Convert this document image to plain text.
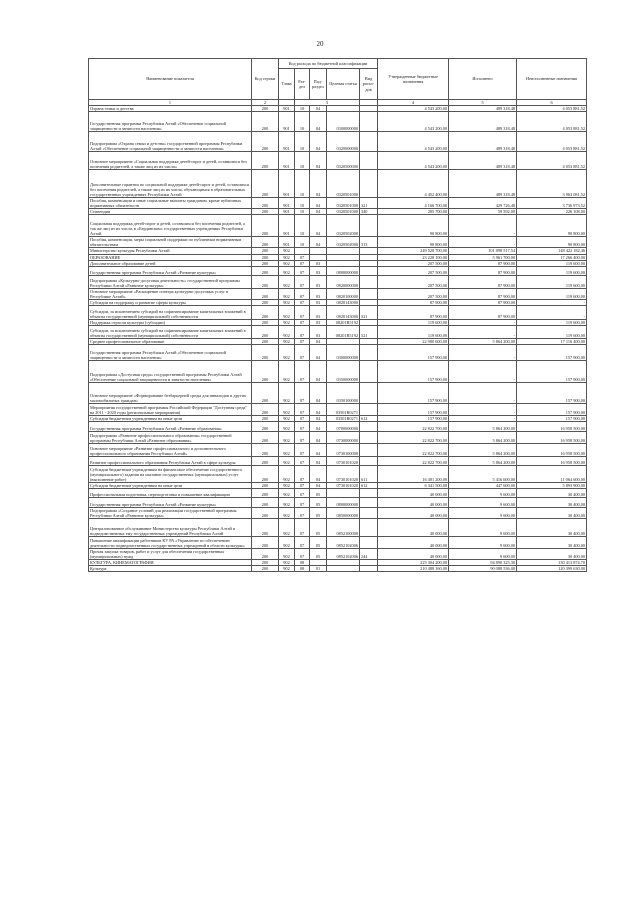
20
Наименование показателя	Код строки	Код расхода по бюджетной классификации					Утвержденные бюджетные назначения	Исполнено	Неисполненные назначения
		Глава	Раз- дел	Под- раздел	Целевая статья	Вид расхо- дов			
1	2		3				4	5	6
Охрана семьи и детства	200	901	10	04			4 543 200,00	489 318,48	4 053 881,52
Государственная программа Республики Алтай «Обеспечение социальной защищенности и занятости населения»	200	901	10	04	0300000000		4 543 200,00	489 318,48	4 053 881,52
Подпрограмма «Охрана семьи и детства» государственной программы Республики Алтай «Обеспечение социальной защищенности и занятости населения»	200	901	10	04	0320000000		4 543 200,00	489 318,48	4 053 881,52
Основное мероприятие «Социальная поддержка детей-сирот и детей, оставшихся без попечения родителей, а также лиц из их числа»	200	901	10	04	0320500000		4 543 200,00	489 318,48	4 053 881,52
Дополнительные гарантии по социальной поддержке детей-сирот и детей, оставшихся без попечения родителей, а также лиц из их числа, обучающимся в образовательных государственных учреждениях Республики Алтай	200	901	10	04	0320501000		4 452 400,00	489 318,48	3 963 081,52
Пособия, компенсации и иные социальные выплаты гражданам, кроме публичных нормативных обязательств	200	901	10	04	0320501000	321	4 166 700,00	429 726,48	3 736 973,52
Стипендии	200	901	10	04	0320501000	340	285 700,00	59 592,00	226 108,00
Социальная поддержка детей-сирот и детей, оставшихся без попечения родителей, а так же лиц из их числа, в «Бердянском» государственных учреждениях Республики Алтай	200	901	10	04	0320502000		90 800,00	-	90 800,00
Пособия, компенсации, меры социальной поддержки по публичным нормативным обязательствам	200	901	10	04	0320502000	313	90 800,00	-	90 800,00
Министерство культуры Республики Алтай	200	902					249 520 700,00	101 098 517,54	148 422 182,46
ОБРАЗОВАНИЕ	200	902	07				23 228 100,00	5 961 700,00	17 266 400,00
Дополнительное образование детей	200	902	07	03			207 500,00	87 900,00	119 600,00
Государственная программа Республики Алтай «Развитие культуры»	200	902	07	03	0800000000		207 500,00	87 900,00	119 600,00
Подпрограмма «Культурно-досуговая деятельность» государственной программы Республики Алтай «Развитие культуры»	200	902	07	03	0820000000		207 500,00	87 900,00	119 600,00
Основное мероприятие «Расширение спектра культурно-досуговых услуг в Республике Алтай»	200	902	07	03	0820100000		207 500,00	87 900,00	119 600,00
Субсидии на поддержку и развитие сферы культуры	200	902	07	03	0820143000		87 900,00	87 900,00	-
Субсидии, за исключением субсидий на софинансирование капитальных вложений в объекты государственной (муниципальной) собственности	200	902	07	03	0820143000	521	87 900,00	87 900,00	-
Поддержка отрасли культуры (субсидии)	200	902	07	03	08201R5192		119 600,00	-	119 600,00
Субсидии, за исключением субсидий на софинансирование капитальных вложений в объекты государственной (муниципальной) собственности	200	902	07	03	08201R5192	521	119 600,00	-	119 600,00
Среднее профессиональное образование	200	902	07	04			22 980 600,00	5 864 200,00	17 116 400,00
Государственная программа Республики Алтай «Обеспечение социальной защищенности и занятости населения»	200	902	07	04	0300000000		157 900,00	-	157 900,00
Подпрограмма «Доступная среда» государственной программы Республики Алтай «Обеспечение социальной защищенности и занятости населения»	200	902	07	04	0350000000		157 900,00	-	157 900,00
Основное мероприятие «Формирование безбарьерной среды для инвалидов и других маломобильных граждан»	200	902	07	04	0350100000		157 900,00	-	157 900,00
Мероприятия государственной программы Российской Федерации "Доступная среда" на 2011 - 2020 годы (региональные мероприятия)	200	902	07	04	03501R0271		157 900,00	-	157 900,00
Субсидии бюджетным учреждениям на иные цели	200	902	07	04	03501R0271	612	157 900,00	-	157 900,00
Государственная программа Республики Алтай «Развитие образования»	200	902	07	04	0700000000		22 822 700,00	5 864 200,00	16 958 500,00
Подпрограмма «Развитие профессионального образования» государственной программы Республики Алтай «Развитие образования»	200	902	07	04	0730000000		22 822 700,00	5 864 200,00	16 958 500,00
Основное мероприятие «Развитие профессионального и дополнительного профессионального образования Республики Алтай»	200	902	07	04	0730100000		22 822 700,00	5 864 200,00	16 958 500,00
Развитие профессионального образования Республики Алтай в сфере культуры	200	902	07	04	0730101020		22 822 700,00	5 864 200,00	16 958 500,00
Субсидии бюджетным учреждениям на финансовое обеспечение государственного (муниципального) задания на оказание государственных (муниципальных) услуг (выполнение работ)	200	902	07	04	0730101020	611	16 481 200,00	5 416 600,00	11 064 600,00
Субсидии бюджетным учреждениям на иные цели	200	902	07	04	0730101020	612	6 341 500,00	447 600,00	5 893 900,00
Профессиональная подготовка, переподготовка и повышение квалификации	200	902	07	05			40 000,00	9 600,00	30 400,00
Государственная программа Республики Алтай «Развитие культуры»	200	902	07	05	0800000000		40 000,00	9 600,00	30 400,00
Подпрограмма «Создание условий для реализации государственной программы Республики Алтай «Развитие культуры»	200	902	07	05	0850000000		40 000,00	9 600,00	30 400,00
Централизованное обслуживание Министерства культуры Республики Алтай и подведомственных ему государственных учреждений Республики Алтай	200	902	07	05	0852100000		40 000,00	9 600,00	30 400,00
Повышение квалификации работников КУ РА «Управление по обеспечению деятельности подведомственных государственных учреждений в области культуры»	200	902	07	05	0852102006		40 000,00	9 600,00	30 400,00
Прочая закупка товаров, работ и услуг для обеспечения государственных (муниципальных) нужд	200	902	07	05	0852102006	244	40 000,00	9 600,00	30 400,00
КУЛЬТУРА, КИНЕМАТОГРАФИЯ	200	902	08				225 304 200,00	94 890 325,30	130 413 874,70
Культура	200	902	08	01			210 488 160,00	90 088 536,00	120 399 630,00
